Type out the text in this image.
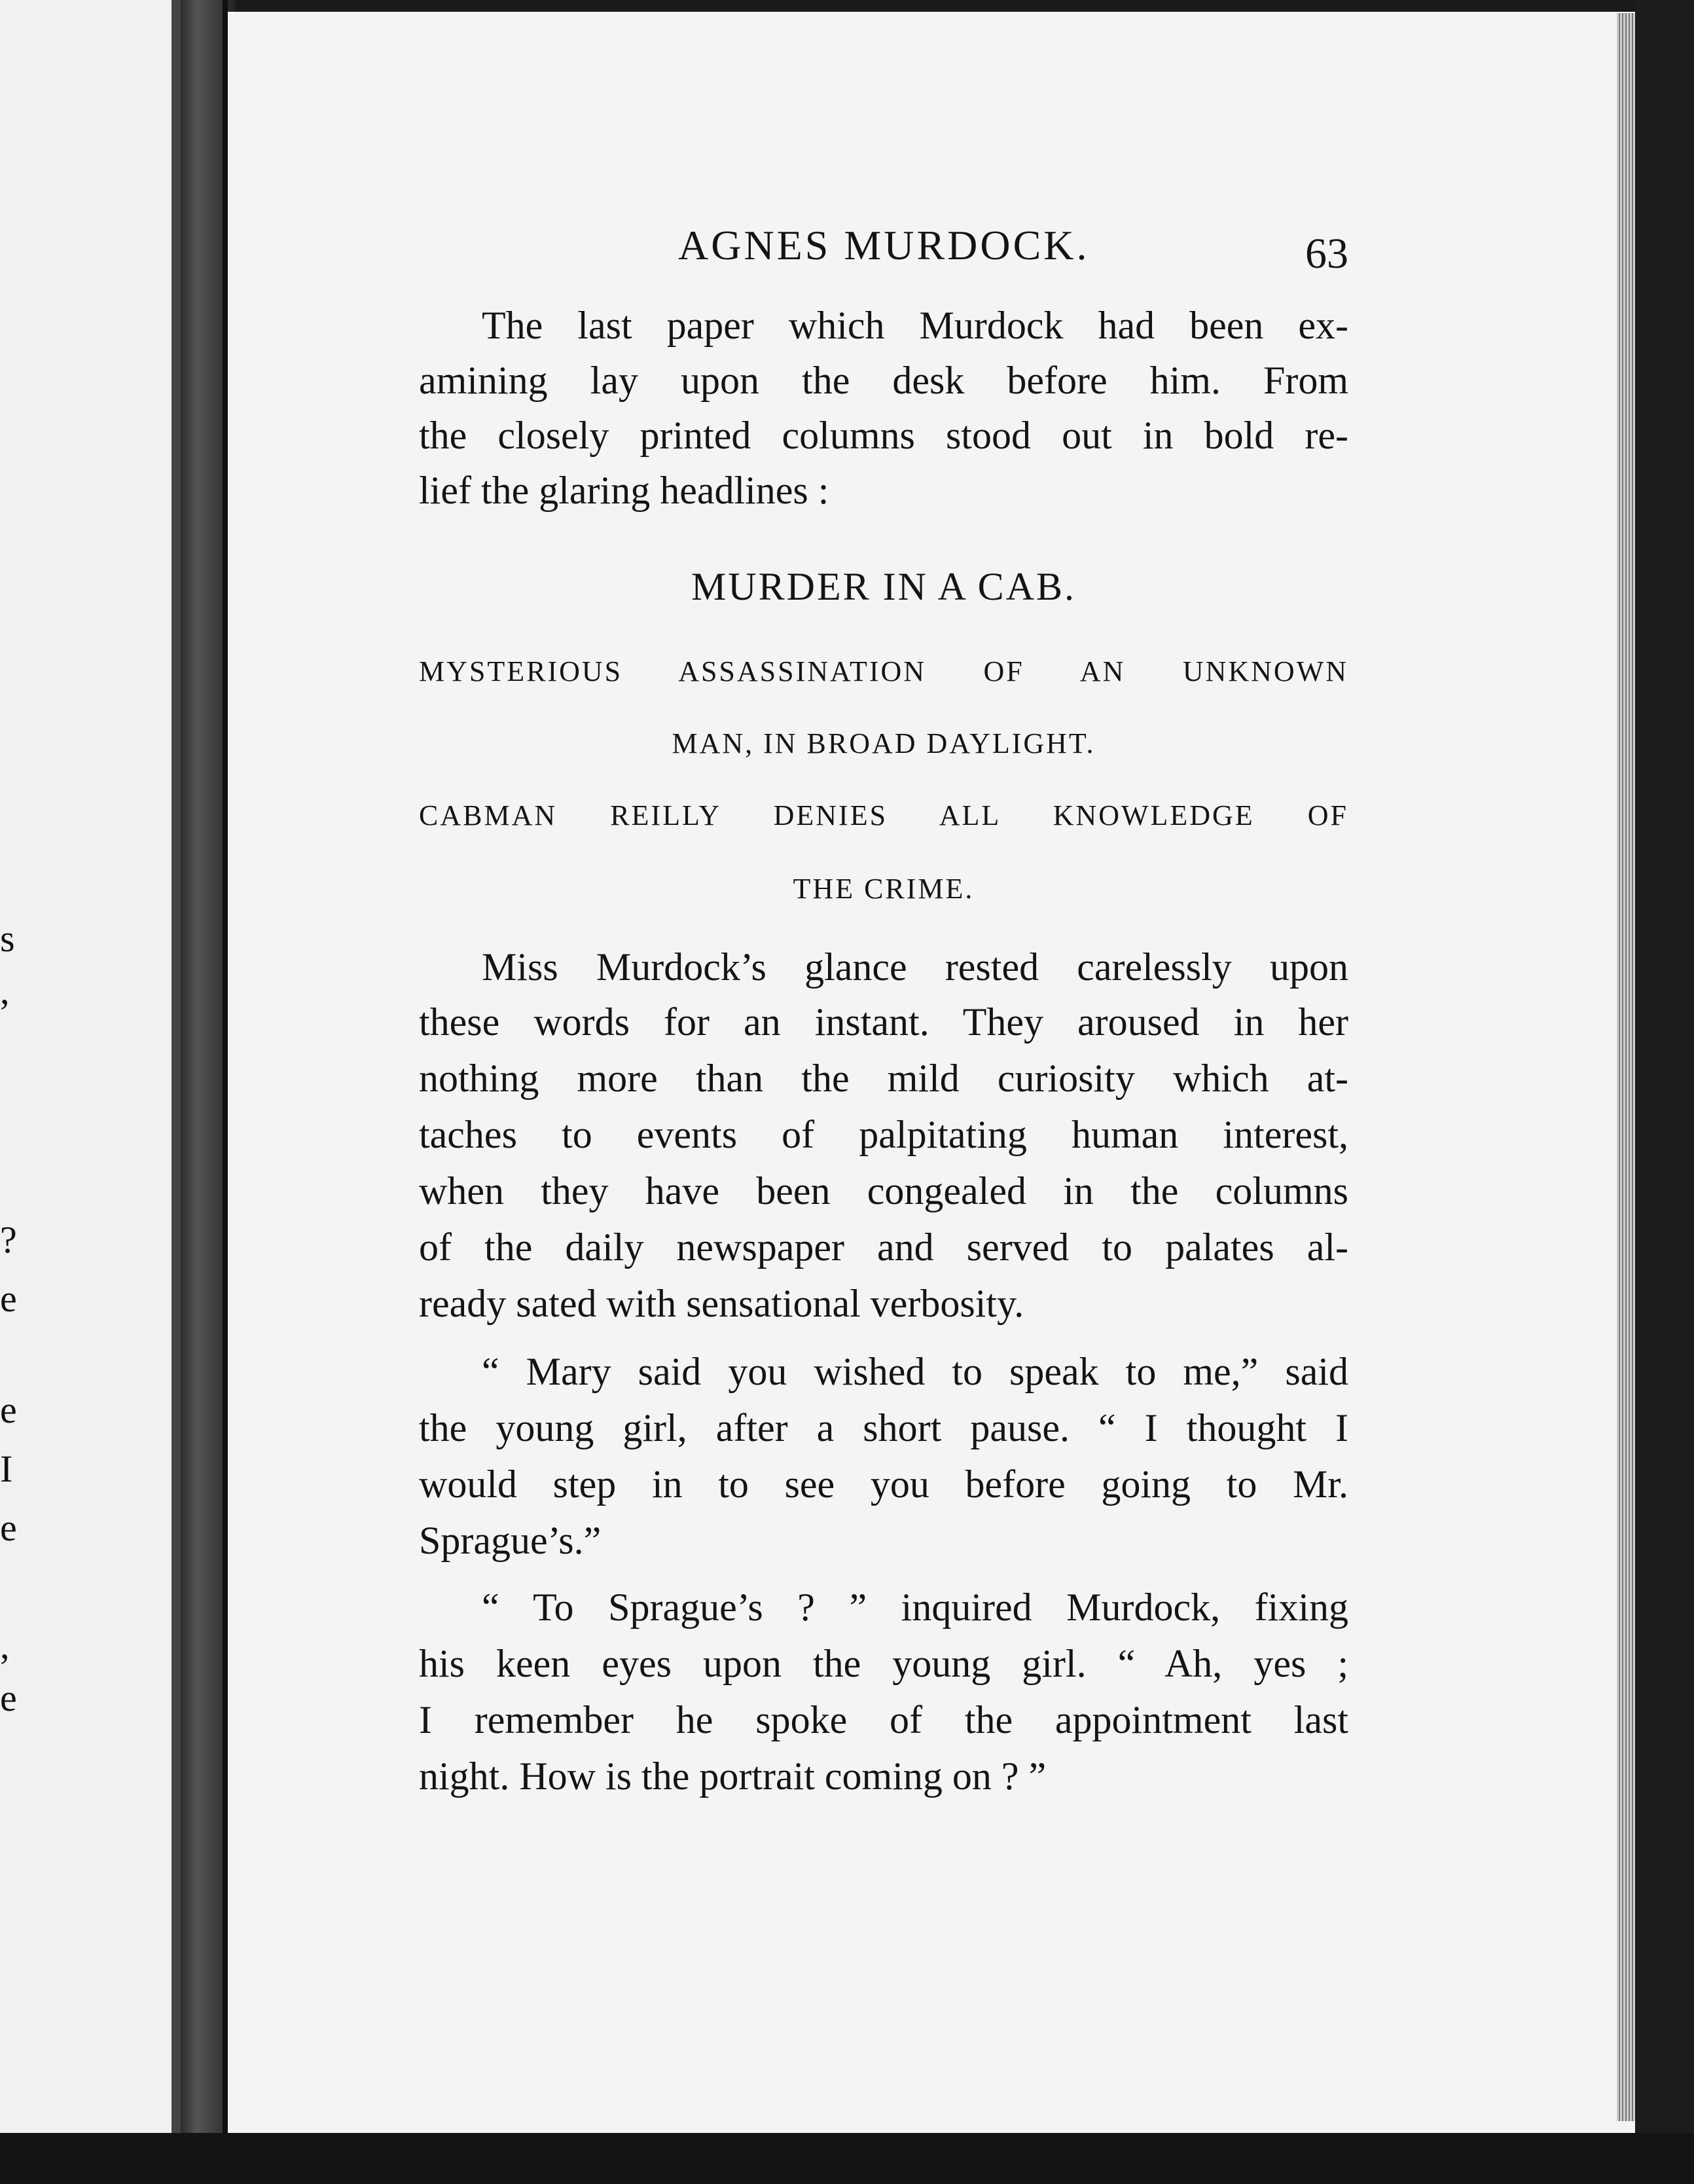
s
,
?
e
e
I
e
,
e
AGNES MURDOCK.	63
The last paper which Murdock had been ex-
amining lay upon the desk before him. From
the closely printed columns stood out in bold re-
lief the glaring headlines :
MURDER IN A CAB.
MYSTERIOUS ASSASSINATION OF AN UNKNOWN
MAN, IN BROAD DAYLIGHT.
CABMAN REILLY DENIES ALL KNOWLEDGE OF
THE CRIME.
Miss Murdock’s glance rested carelessly upon
these words for an instant. They aroused in her
nothing more than the mild curiosity which at-
taches to events of palpitating human interest,
when they have been congealed in the columns
of the daily newspaper and served to palates al-
ready sated with sensational verbosity.
“ Mary said you wished to speak to me,” said
the young girl, after a short pause. “ I thought I
would step in to see you before going to Mr.
Sprague’s.”
“ To Sprague’s ? ” inquired Murdock, fixing
his keen eyes upon the young girl. “ Ah, yes ;
I remember he spoke of the appointment last
night. How is the portrait coming on ? ”
